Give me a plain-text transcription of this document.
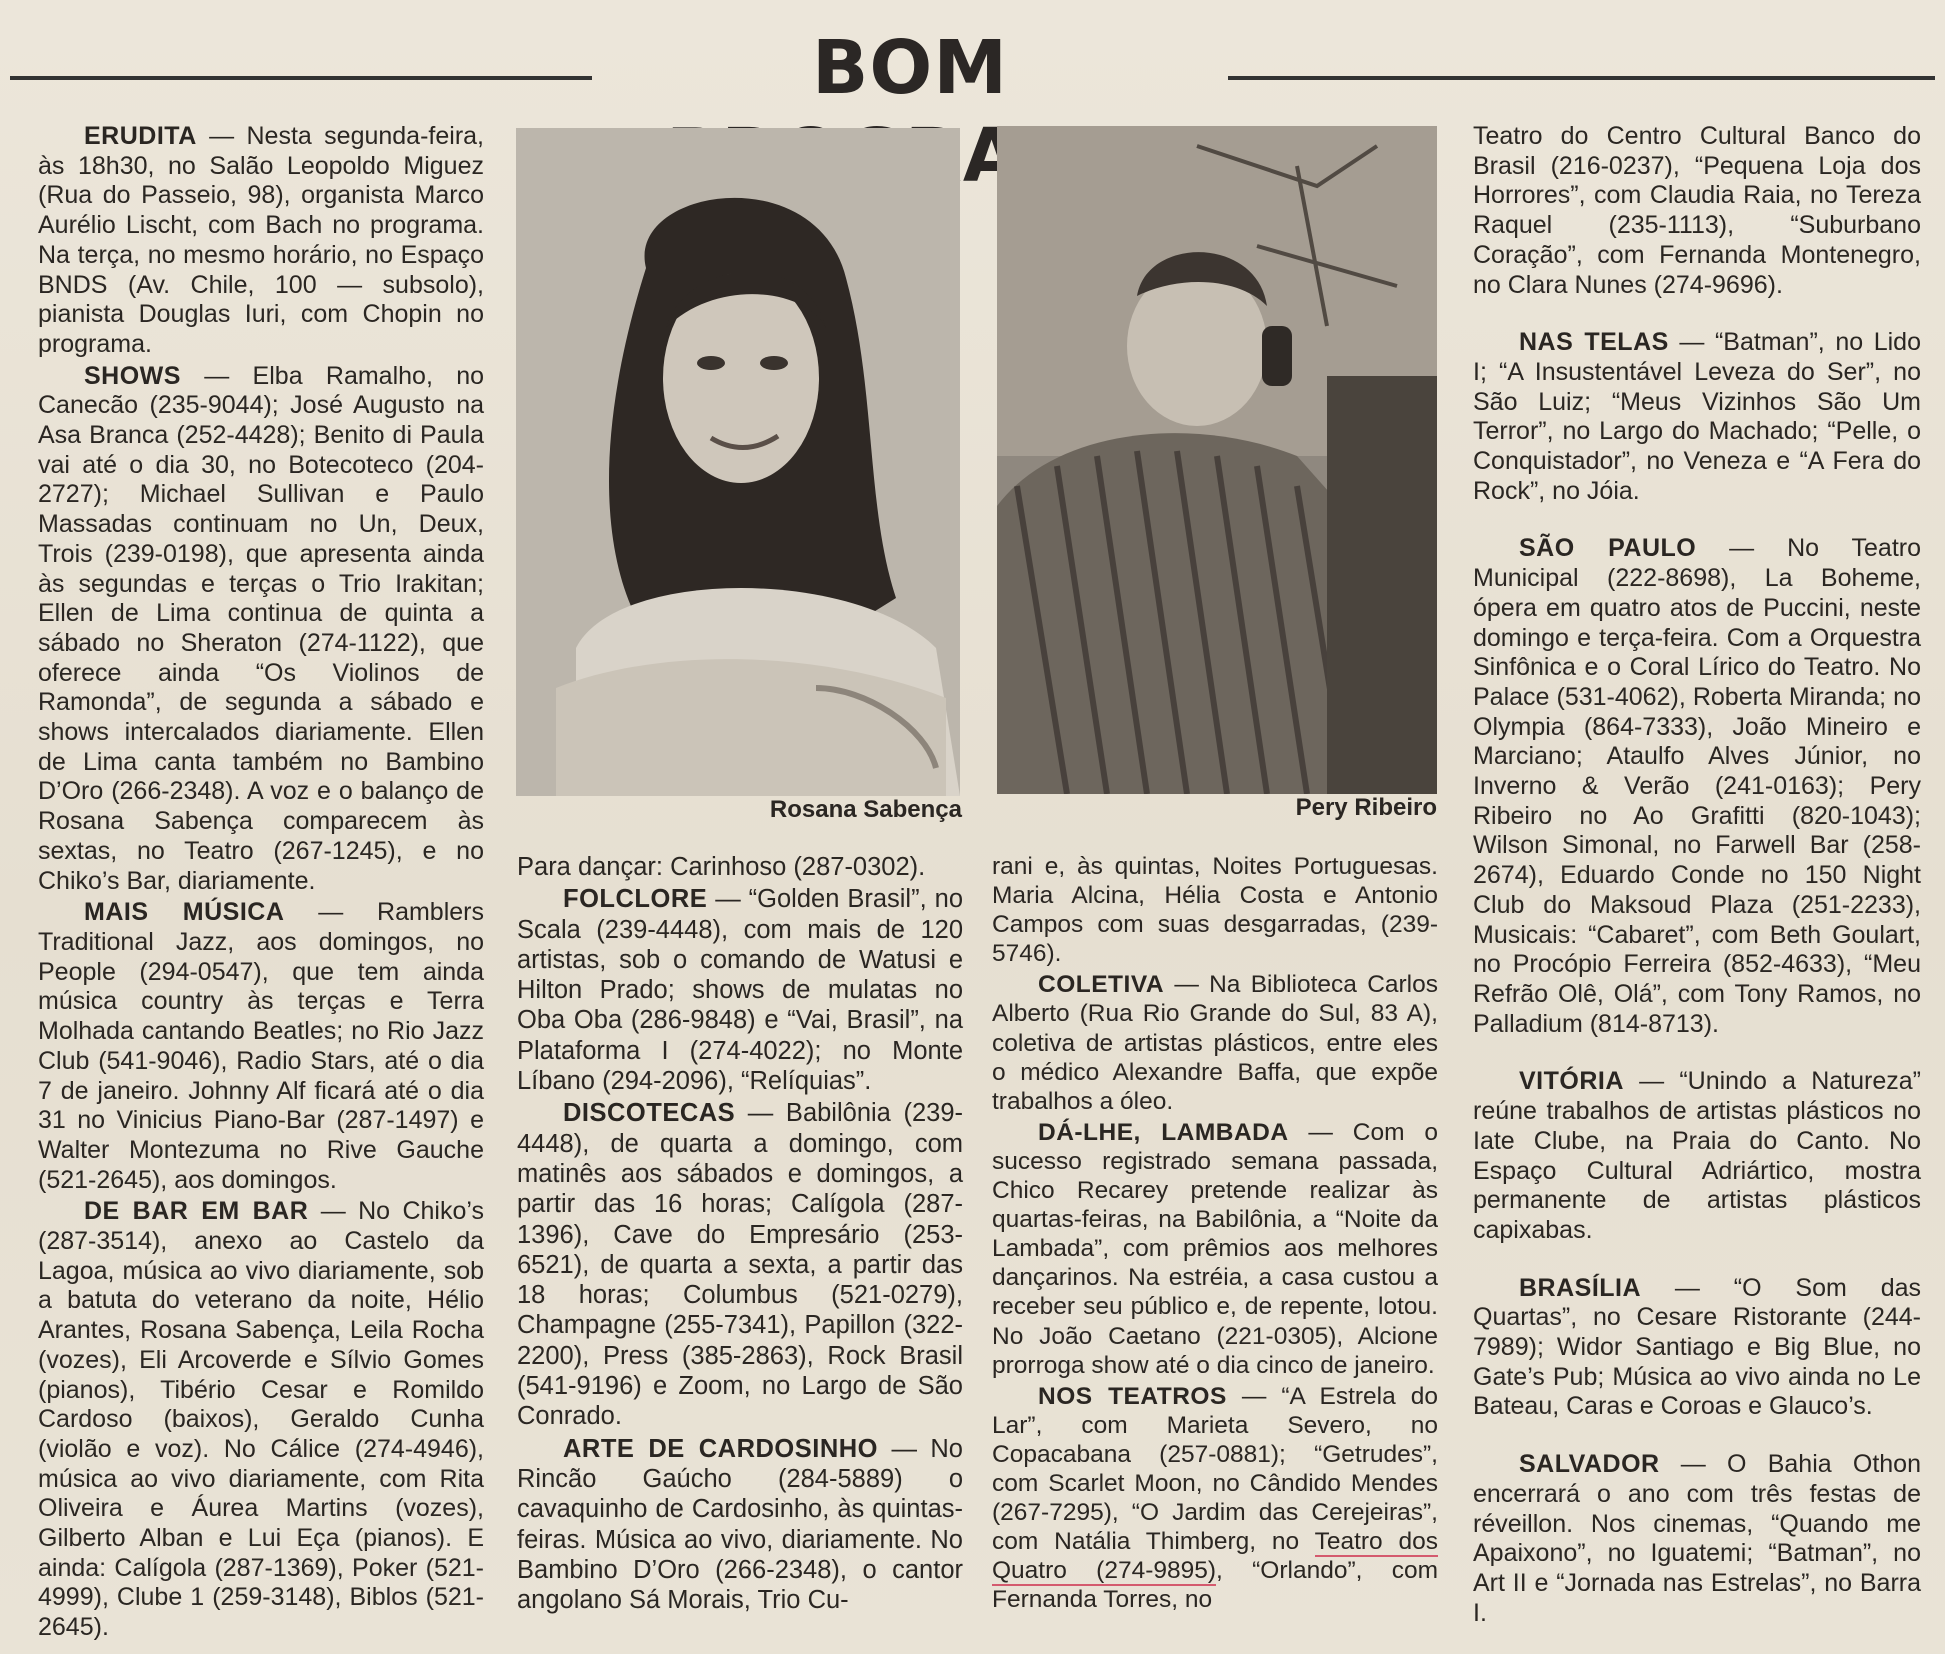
BOM

ERUDITA — Nesta segunda-feira, às 18h30, no Salão Leopoldo Miguez (Rua do Passeio, 98), organista Marco Aurélio Lischt, com Bach no programa. Na terça, no mesmo horário, no Espaço BNDS (Av. Chile, 100 — subsolo), pianista Douglas Iuri, com Chopin no programa.

SHOWS — Elba Ramalho, no Canecão (235-9044); José Augusto na Asa Branca (252-4428); Benito di Paula vai até o dia 30, no Botecoteco (204-2727); Michael Sullivan e Paulo Massadas continuam no Un, Deux, Trois (239-0198), que apresenta ainda às segundas e terças o Trio Irakitan; Ellen de Lima continua de quinta a sábado no Sheraton (274-1122), que oferece ainda “Os Violinos de Ramonda”, de segunda a sábado e shows intercalados diariamente. Ellen de Lima canta também no Bambino D’Oro (266-2348). A voz e o balanço de Rosana Sabença comparecem às sextas, no Teatro (267-1245), e no Chiko’s Bar, diariamente.

MAIS MÚSICA — Ramblers Traditional Jazz, aos domingos, no People (294-0547), que tem ainda música country às terças e Terra Molhada cantando Beatles; no Rio Jazz Club (541-9046), Radio Stars, até o dia 7 de janeiro. Johnny Alf ficará até o dia 31 no Vinicius Piano-Bar (287-1497) e Walter Montezuma no Rive Gauche (521-2645), aos domingos.

DE BAR EM BAR — No Chiko’s (287-3514), anexo ao Castelo da Lagoa, música ao vivo diariamente, sob a batuta do veterano da noite, Hélio Arantes, Rosana Sabença, Leila Rocha (vozes), Eli Arcoverde e Sílvio Gomes (pianos), Tibério Cesar e Romildo Cardoso (baixos), Geraldo Cunha (violão e voz). No Cálice (274-4946), música ao vivo diariamente, com Rita Oliveira e Áurea Martins (vozes), Gilberto Alban e Lui Eça (pianos). E ainda: Calígola (287-1369), Poker (521-4999), Clube 1 (259-3148), Biblos (521-2645).

Rosana Sabença	Pery Ribeiro

Para dançar: Carinhoso (287-0302).

FOLCLORE — “Golden Brasil”, no Scala (239-4448), com mais de 120 artistas, sob o comando de Watusi e Hilton Prado; shows de mulatas no Oba Oba (286-9848) e “Vai, Brasil”, na Plataforma I (274-4022); no Monte Líbano (294-2096), “Relíquias”.

DISCOTECAS — Babilônia (239-4448), de quarta a domingo, com matinês aos sábados e domingos, a partir das 16 horas; Calígola (287-1396), Cave do Empresário (253-6521), de quarta a sexta, a partir das 18 horas; Columbus (521-0279), Champagne (255-7341), Papillon (322-2200), Press (385-2863), Rock Brasil (541-9196) e Zoom, no Largo de São Conrado.

ARTE DE CARDOSINHO — No Rincão Gaúcho (284-5889) o cavaquinho de Cardosinho, às quintas-feiras. Música ao vivo, diariamente. No Bambino D’Oro (266-2348), o cantor angolano Sá Morais, Trio Cu-

rani e, às quintas, Noites Portuguesas. Maria Alcina, Hélia Costa e Antonio Campos com suas desgarradas, (239-5746).

COLETIVA — Na Biblioteca Carlos Alberto (Rua Rio Grande do Sul, 83 A), coletiva de artistas plásticos, entre eles o médico Alexandre Baffa, que expõe trabalhos a óleo.

DÁ-LHE, LAMBADA — Com o sucesso registrado semana passada, Chico Recarey pretende realizar às quartas-feiras, na Babilônia, a “Noite da Lambada”, com prêmios aos melhores dançarinos. Na estréia, a casa custou a receber seu público e, de repente, lotou. No João Caetano (221-0305), Alcione prorroga show até o dia cinco de janeiro.

NOS TEATROS — “A Estrela do Lar”, com Marieta Severo, no Copacabana (257-0881); “Getrudes”, com Scarlet Moon, no Cândido Mendes (267-7295), “O Jardim das Cerejeiras”, com Natália Thimberg, no Teatro dos Quatro (274-9895), “Orlando”, com Fernanda Torres, no

Teatro do Centro Cultural Banco do Brasil (216-0237), “Pequena Loja dos Horrores”, com Claudia Raia, no Tereza Raquel (235-1113), “Suburbano Coração”, com Fernanda Montenegro, no Clara Nunes (274-9696).

NAS TELAS — “Batman”, no Lido I; “A Insustentável Leveza do Ser”, no São Luiz; “Meus Vizinhos São Um Terror”, no Largo do Machado; “Pelle, o Conquistador”, no Veneza e “A Fera do Rock”, no Jóia.

SÃO PAULO — No Teatro Municipal (222-8698), La Boheme, ópera em quatro atos de Puccini, neste domingo e terça-feira. Com a Orquestra Sinfônica e o Coral Lírico do Teatro. No Palace (531-4062), Roberta Miranda; no Olympia (864-7333), João Mineiro e Marciano; Ataulfo Alves Júnior, no Inverno & Verão (241-0163); Pery Ribeiro no Ao Grafitti (820-1043); Wilson Simonal, no Farwell Bar (258-2674), Eduardo Conde no 150 Night Club do Maksoud Plaza (251-2233), Musicais: “Cabaret”, com Beth Goulart, no Procópio Ferreira (852-4633), “Meu Refrão Olê, Olá”, com Tony Ramos, no Palladium (814-8713).

VITÓRIA — “Unindo a Natureza” reúne trabalhos de artistas plásticos no Iate Clube, na Praia do Canto. No Espaço Cultural Adriártico, mostra permanente de artistas plásticos capixabas.

BRASÍLIA — “O Som das Quartas”, no Cesare Ristorante (244-7989); Widor Santiago e Big Blue, no Gate’s Pub; Música ao vivo ainda no Le Bateau, Caras e Coroas e Glauco’s.

SALVADOR — O Bahia Othon encerrará o ano com três festas de réveillon. Nos cinemas, “Quando me Apaixono”, no Iguatemi; “Batman”, no Art II e “Jornada nas Estrelas”, no Barra I.
